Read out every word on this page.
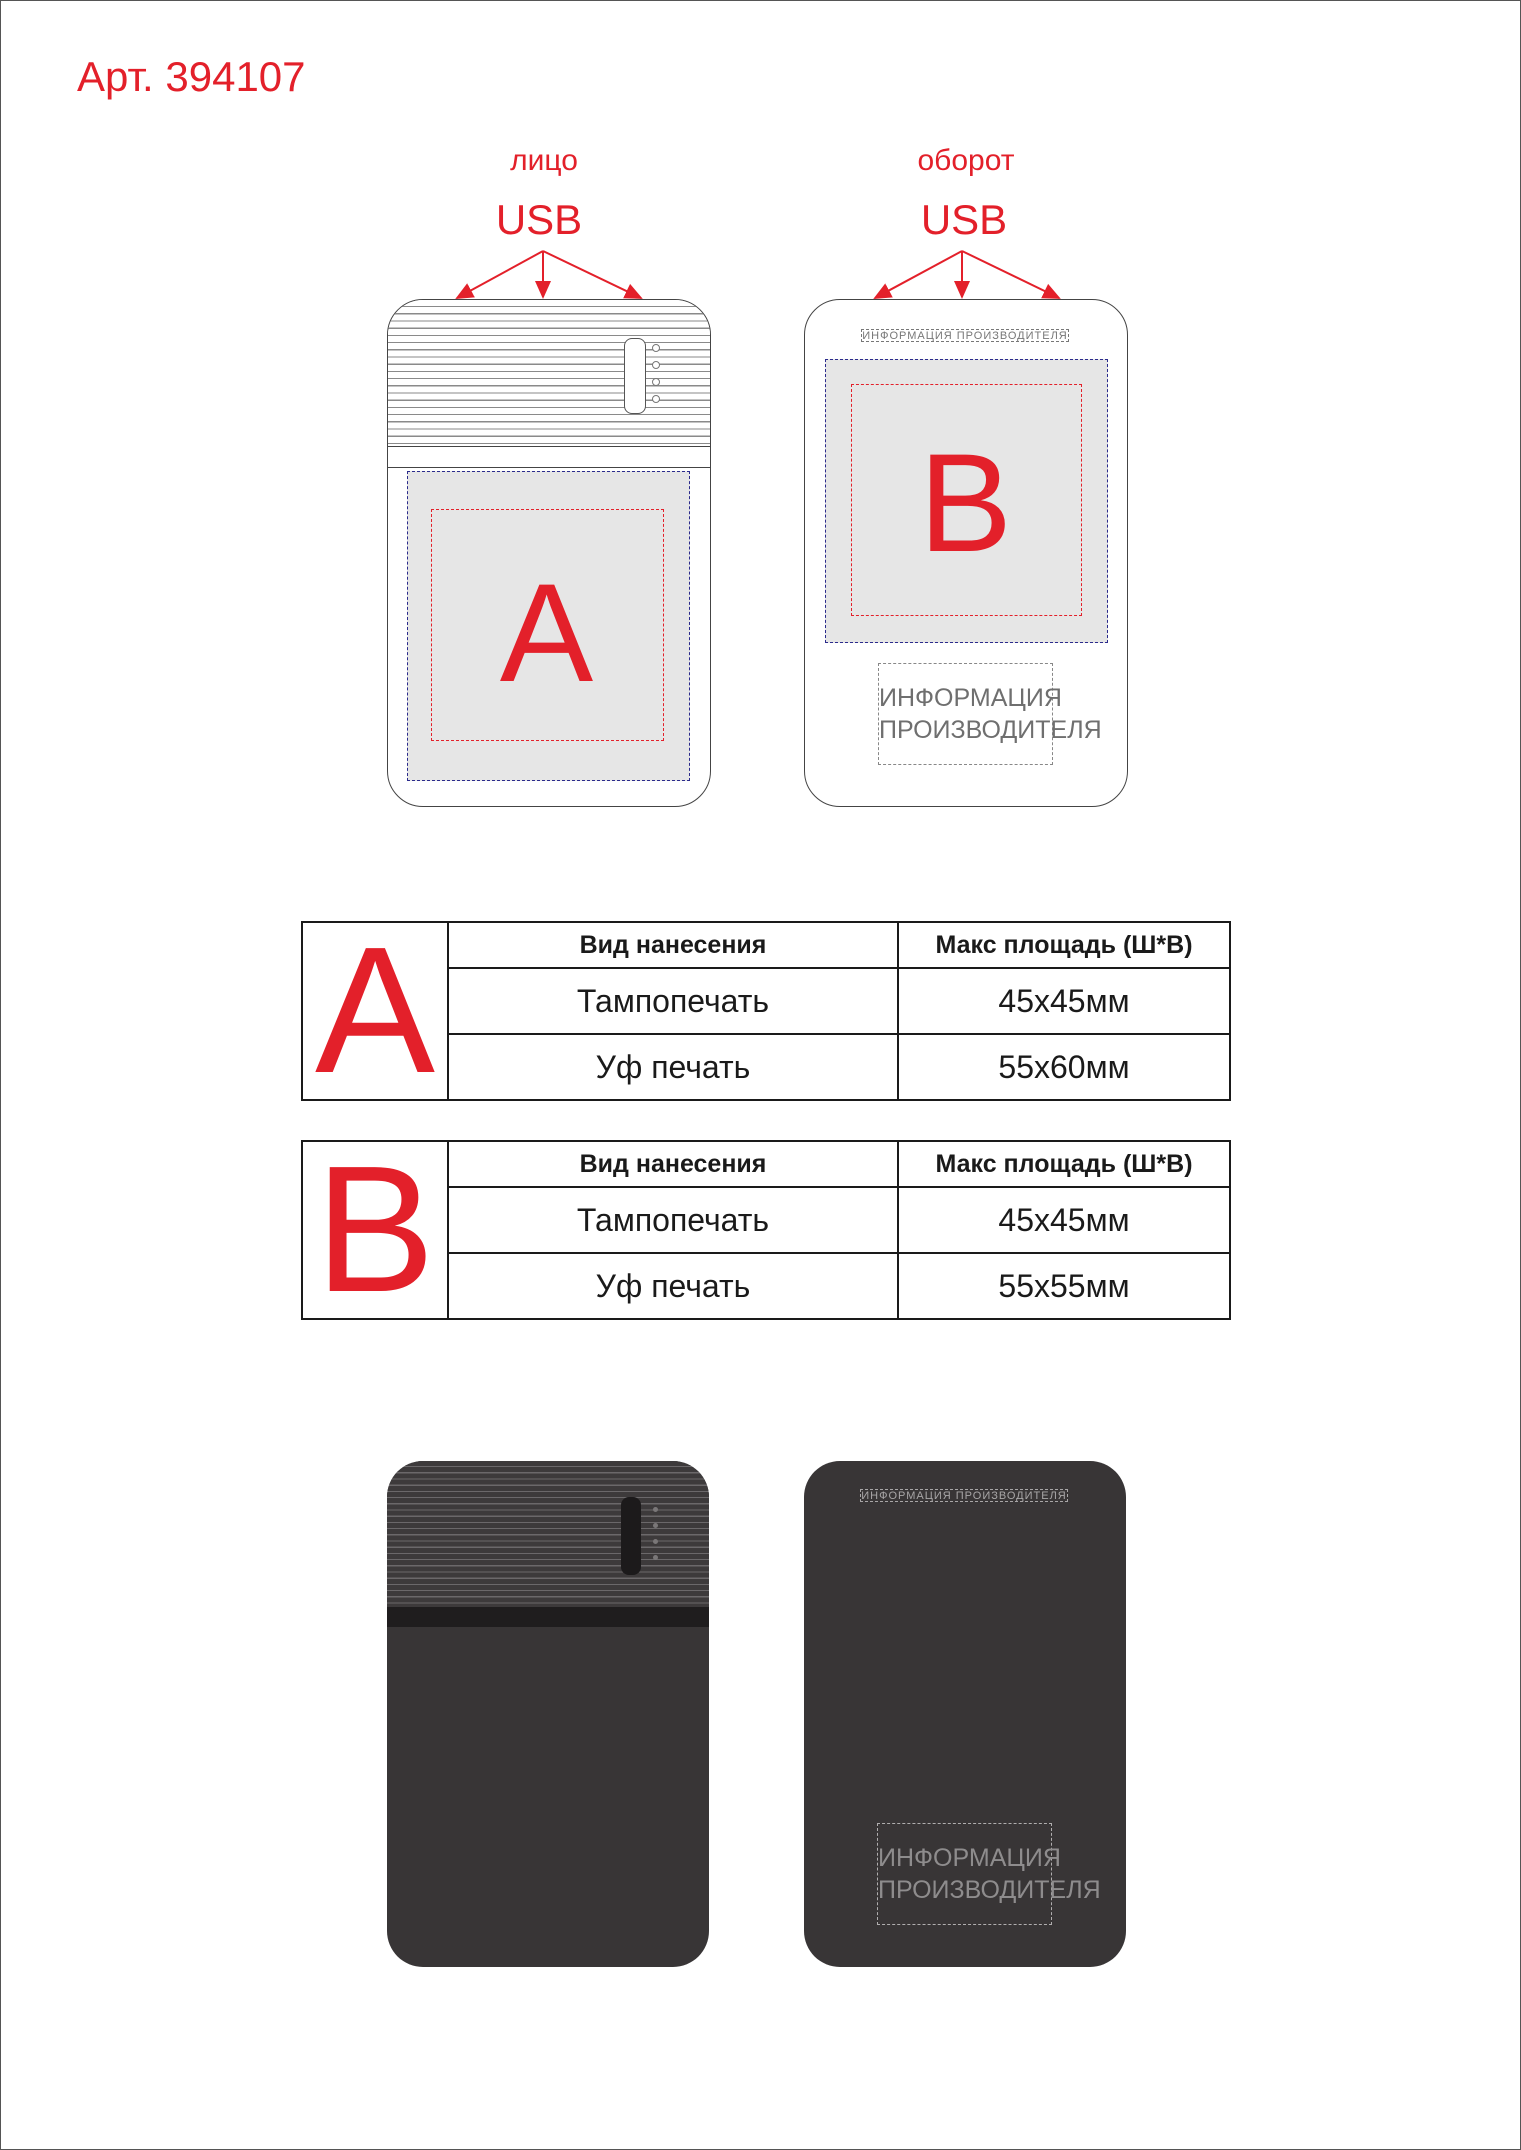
Арт. 394107
лицо	оборот
USB	USB
A
ИНФОРМАЦИЯ ПРОИЗВОДИТЕЛЯ
B
ИНФОРМАЦИЯ
ПРОИЗВОДИТЕЛЯ
A	Вид нанесения	Макс площадь (Ш*В)
Тампопечать	45х45мм
Уф печать	55х60мм
B	Вид нанесения	Макс площадь (Ш*В)
Тампопечать	45х45мм
Уф печать	55х55мм
ИНФОРМАЦИЯ ПРОИЗВОДИТЕЛЯ
ИНФОРМАЦИЯ
ПРОИЗВОДИТЕЛЯ
